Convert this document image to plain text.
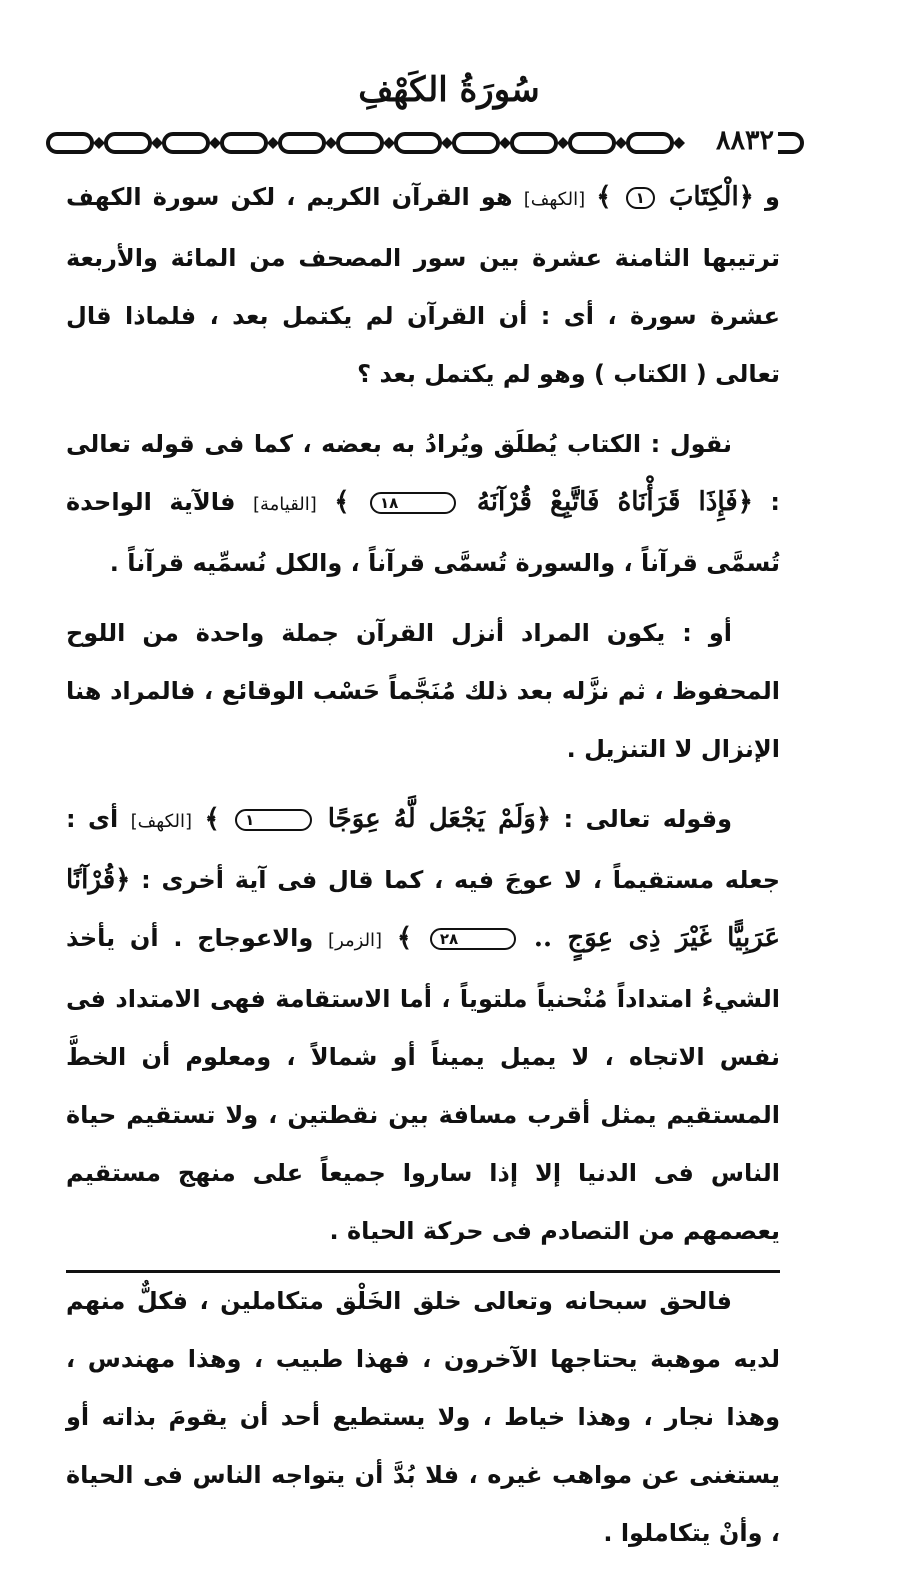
سُورَةُ الكَهْفِ
٨٨٣٢

و ﴿الْكِتَابَ ١ ﴾ [الكهف] هو القرآن الكريم ، لكن سورة الكهف ترتيبها الثامنة عشرة بين سور المصحف من المائة والأربعة عشرة سورة ، أى : أن القرآن لم يكتمل بعد ، فلماذا قال تعالى ( الكتاب ) وهو لم يكتمل بعد ؟

نقول : الكتاب يُطلَق ويُرادُ به بعضه ، كما فى قوله تعالى : ﴿فَإِذَا قَرَأْنَاهُ فَاتَّبِعْ قُرْآنَهُ ١٨ ﴾ [القيامة] فالآية الواحدة تُسمَّى قرآناً ، والسورة تُسمَّى قرآناً ، والكل نُسمِّيه قرآناً .

أو : يكون المراد أنزل القرآن جملة واحدة من اللوح المحفوظ ، ثم نزَّله بعد ذلك مُنَجَّماً حَسْب الوقائع ، فالمراد هنا الإنزال لا التنزيل .

وقوله تعالى : ﴿وَلَمْ يَجْعَل لَّهُ عِوَجًا ١ ﴾ [الكهف] أى : جعله مستقيماً ، لا عوجَ فيه ، كما قال فى آية أخرى : ﴿قُرْآنًا عَرَبِيًّا غَيْرَ ذِى عِوَجٍ .. ٢٨ ﴾ [الزمر] والاعوجاج . أن يأخذ الشيءُ امتداداً مُنْحنياً ملتوياً ، أما الاستقامة فهى الامتداد فى نفس الاتجاه ، لا يميل يميناً أو شمالاً ، ومعلوم أن الخطَّ المستقيم يمثل أقرب مسافة بين نقطتين ، ولا تستقيم حياة الناس فى الدنيا إلا إذا ساروا جميعاً على منهج مستقيم يعصمهم من التصادم فى حركة الحياة .

فالحق سبحانه وتعالى خلق الخَلْق متكاملين ، فكلٌّ منهم لديه موهبة يحتاجها الآخرون ، فهذا طبيب ، وهذا مهندس ، وهذا نجار ، وهذا خياط ، ولا يستطيع أحد أن يقومَ بذاته أو يستغنى عن مواهب غيره ، فلا بُدَّ أن يتواجه الناس فى الحياة ، وأنْ يتكاملوا .
